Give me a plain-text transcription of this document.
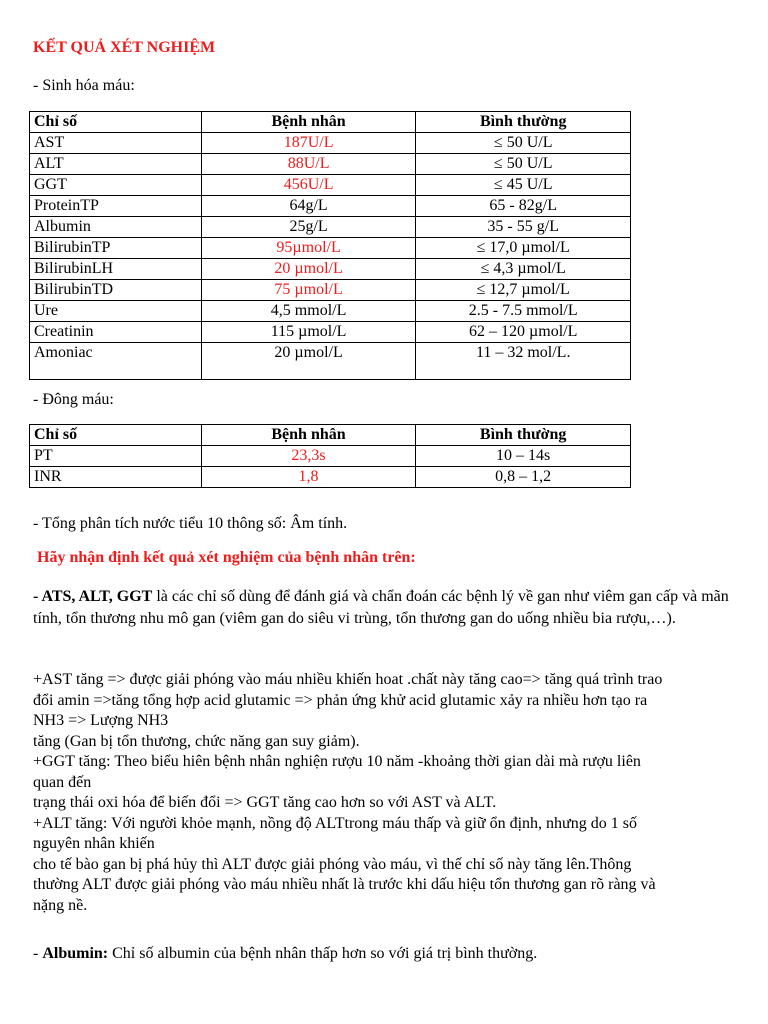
KẾT QUẢ XÉT NGHIỆM
- Sinh hóa máu:
Chỉ số	Bệnh nhân	Bình thường
AST	187U/L	≤ 50 U/L
ALT	88U/L	≤ 50 U/L
GGT	456U/L	≤ 45 U/L
ProteinTP	64g/L	65 - 82g/L
Albumin	25g/L	35 - 55 g/L
BilirubinTP	95µmol/L	≤ 17,0 µmol/L
BilirubinLH	20 µmol/L	≤ 4,3 µmol/L
BilirubinTD	75 µmol/L	≤ 12,7 µmol/L
Ure	4,5 mmol/L	2.5 - 7.5 mmol/L
Creatinin	115 µmol/L	62 – 120 µmol/L
Amoniac	20 µmol/L	11 – 32 mol/L.
- Đông máu:
Chỉ số	Bệnh nhân	Bình thường
PT	23,3s	10 – 14s
INR	1,8	0,8 – 1,2
- Tổng phân tích nước tiểu 10 thông số: Âm tính.
Hãy nhận định kết quả xét nghiệm của bệnh nhân trên:
- ATS, ALT, GGT là các chỉ số dùng để đánh giá và chẩn đoán các bệnh lý về gan như viêm gan cấp và mãn tính, tổn thương nhu mô gan (viêm gan do siêu vi trùng, tổn thương gan do uống nhiều bia rượu,…).
+AST tăng => được giải phóng vào máu nhiều khiến hoat .chất này tăng cao=> tăng quá trình trao
đổi amin =>tăng tổng hợp acid glutamic => phản ứng khử acid glutamic xảy ra nhiều hơn tạo ra
NH3 => Lượng NH3
tăng (Gan bị tổn thương, chức năng gan suy giảm).
+GGT tăng: Theo biểu hiên bệnh nhân nghiện rượu 10 năm -khoảng thời gian dài mà rượu liên
quan đến
trạng thái oxi hóa để biến đổi => GGT tăng cao hơn so với AST và ALT.
+ALT tăng: Với người khỏe mạnh, nồng độ ALTtrong máu thấp và giữ ổn định, nhưng do 1 số
nguyên nhân khiến
cho tế bào gan bị phá hủy thì ALT được giải phóng vào máu, vì thế chỉ số này tăng lên.Thông
thường ALT được giải phóng vào máu nhiều nhất là trước khi dấu hiệu tổn thương gan rõ ràng và
nặng nề.
- Albumin: Chỉ số albumin của bệnh nhân thấp hơn so với giá trị bình thường.
